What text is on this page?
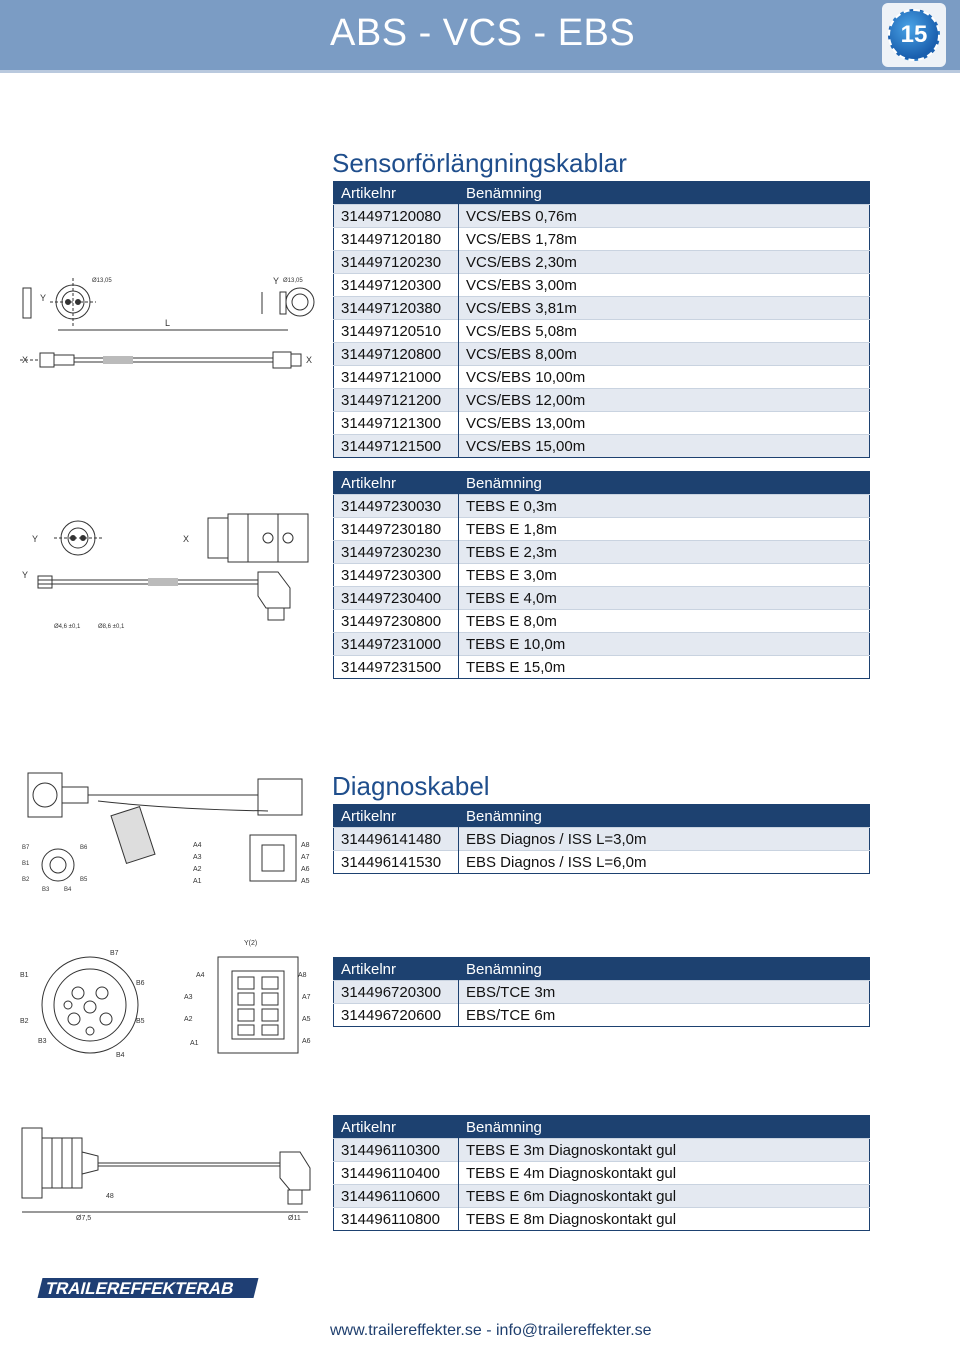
ABS - VCS - EBS	15
Sensorförlängningskablar
Artikelnr	Benämning
314497120080	VCS/EBS 0,76m
314497120180	VCS/EBS 1,78m
314497120230	VCS/EBS 2,30m
314497120300	VCS/EBS 3,00m
314497120380	VCS/EBS 3,81m
314497120510	VCS/EBS 5,08m
314497120800	VCS/EBS 8,00m
314497121000	VCS/EBS 10,00m
314497121200	VCS/EBS 12,00m
314497121300	VCS/EBS 13,00m
314497121500	VCS/EBS 15,00m
Artikelnr	Benämning
314497230030	TEBS E 0,3m
314497230180	TEBS E 1,8m
314497230230	TEBS E 2,3m
314497230300	TEBS E 3,0m
314497230400	TEBS E 4,0m
314497230800	TEBS E 8,0m
314497231000	TEBS E 10,0m
314497231500	TEBS E 15,0m
Diagnoskabel
Artikelnr	Benämning
314496141480	EBS Diagnos / ISS L=3,0m
314496141530	EBS Diagnos / ISS L=6,0m
Artikelnr	Benämning
314496720300	EBS/TCE 3m
314496720600	EBS/TCE 6m
Artikelnr	Benämning
314496110300	TEBS E 3m Diagnoskontakt gul
314496110400	TEBS E 4m Diagnoskontakt gul
314496110600	TEBS E 6m Diagnoskontakt gul
314496110800	TEBS E 8m Diagnoskontakt gul
Y
Y
L
X	X
Ø13,05	Ø13,05
Y	X
Y
Ø4,6 ±0,1	Ø8,6 ±0,1
A4
A3
A2
A1
A8
A7
A6
A5
B7	B6
B1
B2
B3 B4
B5
Y(2)
B1
B7
B6
B5
B2
B3
B4
A4
A3
A2
A1
A8
A7
A6
A5
48
Ø7,5	Ø11
TRAILEREFFEKTERAB
www.trailereffekter.se - info@trailereffekter.se
